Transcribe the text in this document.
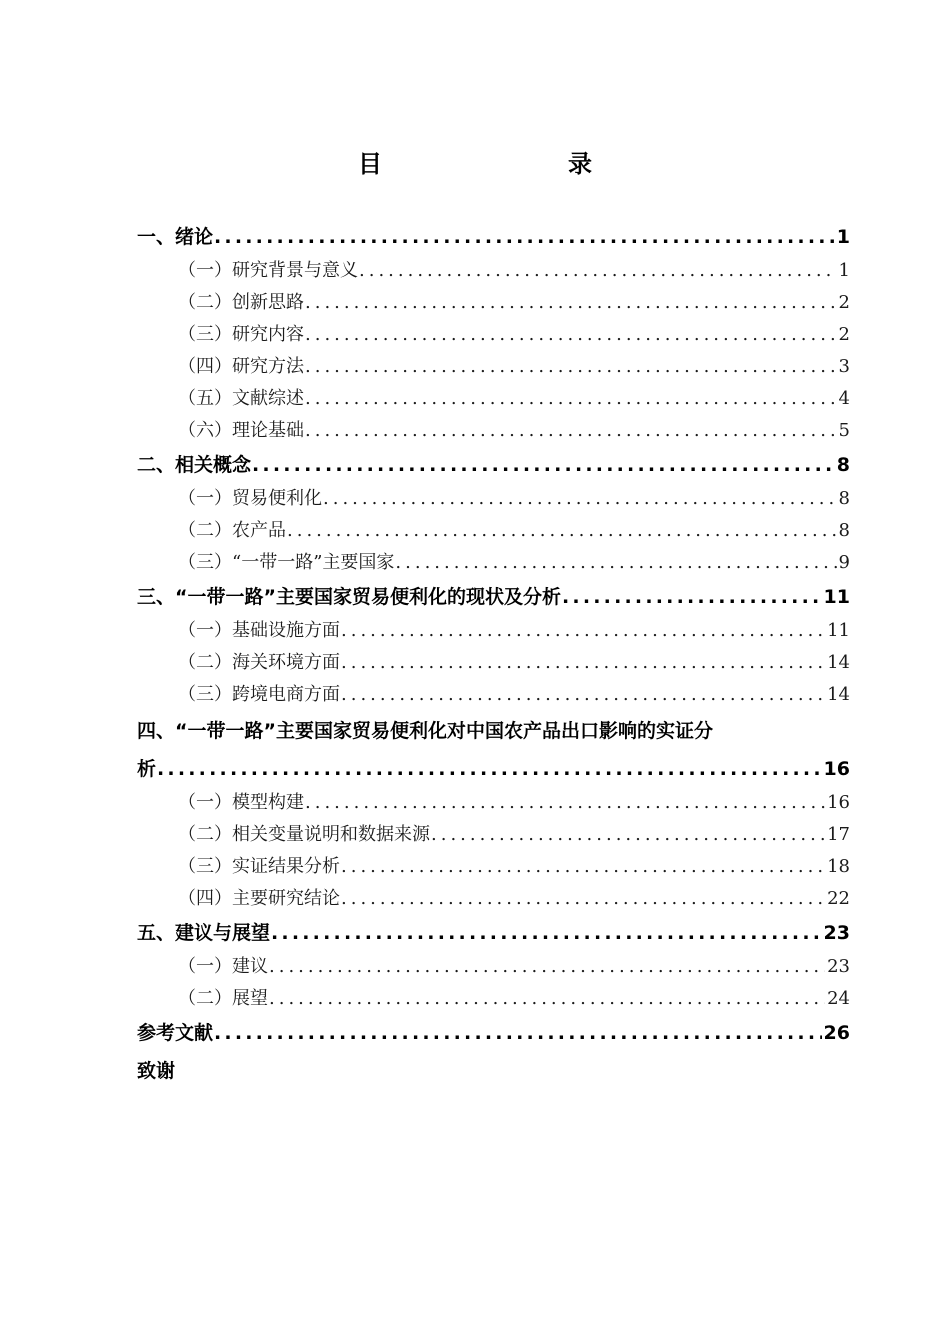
目　　录
一、绪论 .....	1
（一）研究背景与意义 .....	1
（二）创新思路 .....	2
（三）研究内容 .....	2
（四）研究方法 .....	3
（五）文献综述 .....	4
（六）理论基础 .....	5
二、相关概念 .....	8
（一）贸易便利化 .....	8
（二）农产品 .....	8
（三）“一带一路”主要国家 .....	9
三、“一带一路”主要国家贸易便利化的现状及分析 .....	11
（一）基础设施方面 .....	11
（二）海关环境方面 .....	14
（三）跨境电商方面 .....	14
四、“一带一路”主要国家贸易便利化对中国农产品出口影响的实证分
析 .....	16
（一）模型构建 .....	16
（二）相关变量说明和数据来源 .....	17
（三）实证结果分析 .....	18
（四）主要研究结论 .....	22
五、建议与展望 .....	23
（一）建议 .....	23
（二）展望 .....	24
参考文献 .....	26
致谢
